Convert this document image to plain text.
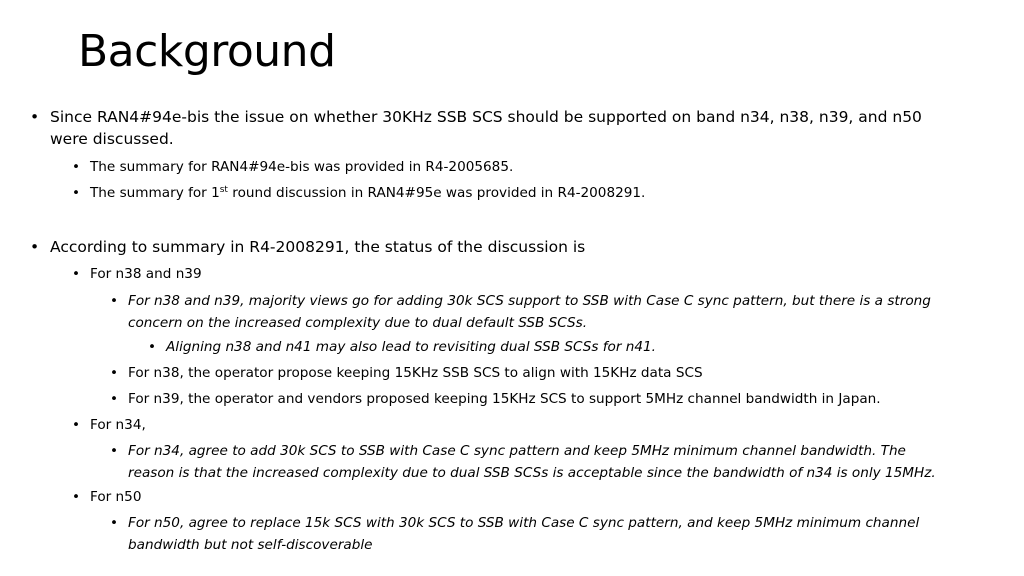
Background
• Since RAN4#94e-bis the issue on whether 30KHz SSB SCS should be supported on band n34, n38, n39, and n50
were discussed.
• The summary for RAN4#94e-bis was provided in R4-2005685.
• The summary for 1st round discussion in RAN4#95e was provided in R4-2008291.
• According to summary in R4-2008291, the status of the discussion is
• For n38 and n39
• For n38 and n39, majority views go for adding 30k SCS support to SSB with Case C sync pattern, but there is a strong
concern on the increased complexity due to dual default SSB SCSs.
• Aligning n38 and n41 may also lead to revisiting dual SSB SCSs for n41.
• For n38, the operator propose keeping 15KHz SSB SCS to align with 15KHz data SCS
• For n39, the operator and vendors proposed keeping 15KHz SCS to support 5MHz channel bandwidth in Japan.
• For n34,
• For n34, agree to add 30k SCS to SSB with Case C sync pattern and keep 5MHz minimum channel bandwidth. The
reason is that the increased complexity due to dual SSB SCSs is acceptable since the bandwidth of n34 is only 15MHz.
• For n50
• For n50, agree to replace 15k SCS with 30k SCS to SSB with Case C sync pattern, and keep 5MHz minimum channel
bandwidth but not self-discoverable
